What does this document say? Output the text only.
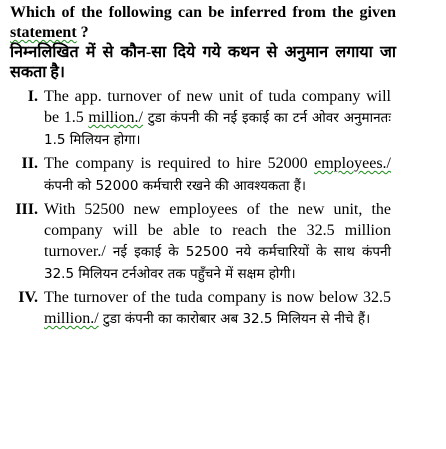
Which of the following can be inferred from the given statement ?
निम्नलिखित में से कौन-सा दिये गये कथन से अनुमान लगाया जा सकता है।
I. The app. turnover of new unit of tuda company will be 1.5 million./ टुडा कंपनी की नई इकाई का टर्न ओवर अनुमानतः 1.5 मिलियन होगा।
II. The company is required to hire 52000 employees./ कंपनी को 52000 कर्मचारी रखने की आवश्यकता हैं।
III. With 52500 new employees of the new unit, the company will be able to reach the 32.5 million turnover./ नई इकाई के 52500 नये कर्मचारियों के साथ कंपनी 32.5 मिलियन टर्नओवर तक पहुँचने में सक्षम होगी।
IV. The turnover of the tuda company is now below 32.5 million./ टुडा कंपनी का कारोबार अब 32.5 मिलियन से नीचे हैं।
